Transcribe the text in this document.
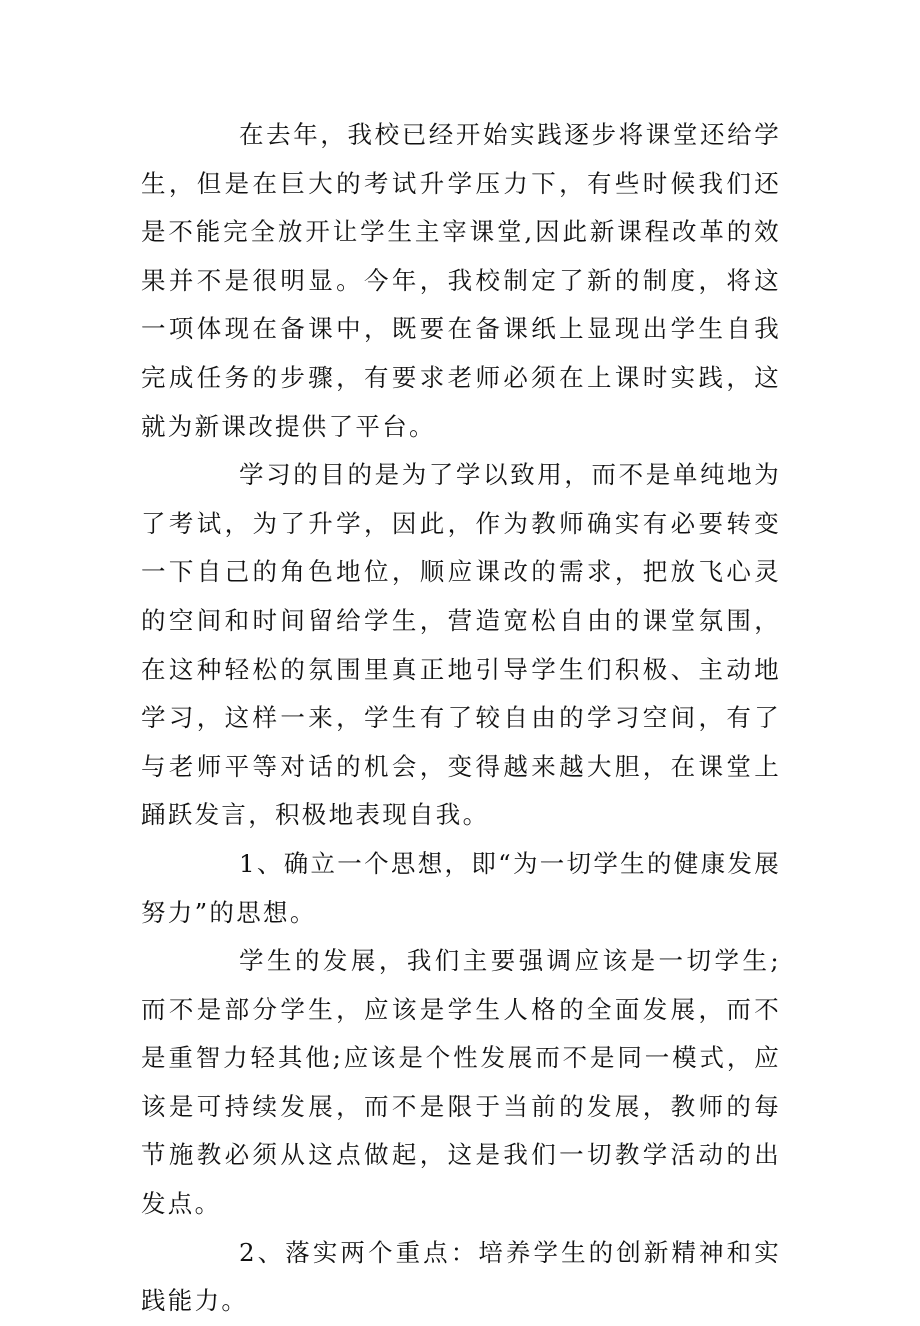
在去年，我校已经开始实践逐步将课堂还给学生，但是在巨大的考试升学压力下，有些时候我们还是不能完全放开让学生主宰课堂,因此新课程改革的效果并不是很明显。今年，我校制定了新的制度，将这一项体现在备课中，既要在备课纸上显现出学生自我完成任务的步骤，有要求老师必须在上课时实践，这就为新课改提供了平台。

学习的目的是为了学以致用，而不是单纯地为了考试，为了升学，因此，作为教师确实有必要转变一下自己的角色地位，顺应课改的需求，把放飞心灵的空间和时间留给学生，营造宽松自由的课堂氛围，在这种轻松的氛围里真正地引导学生们积极、主动地学习，这样一来，学生有了较自由的学习空间，有了与老师平等对话的机会，变得越来越大胆，在课堂上踊跃发言，积极地表现自我。

1、确立一个思想，即“为一切学生的健康发展努力”的思想。

学生的发展，我们主要强调应该是一切学生;而不是部分学生，应该是学生人格的全面发展，而不是重智力轻其他;应该是个性发展而不是同一模式，应该是可持续发展，而不是限于当前的发展，教师的每节施教必须从这点做起，这是我们一切教学活动的出发点。

2、落实两个重点：培养学生的创新精神和实践能力。
